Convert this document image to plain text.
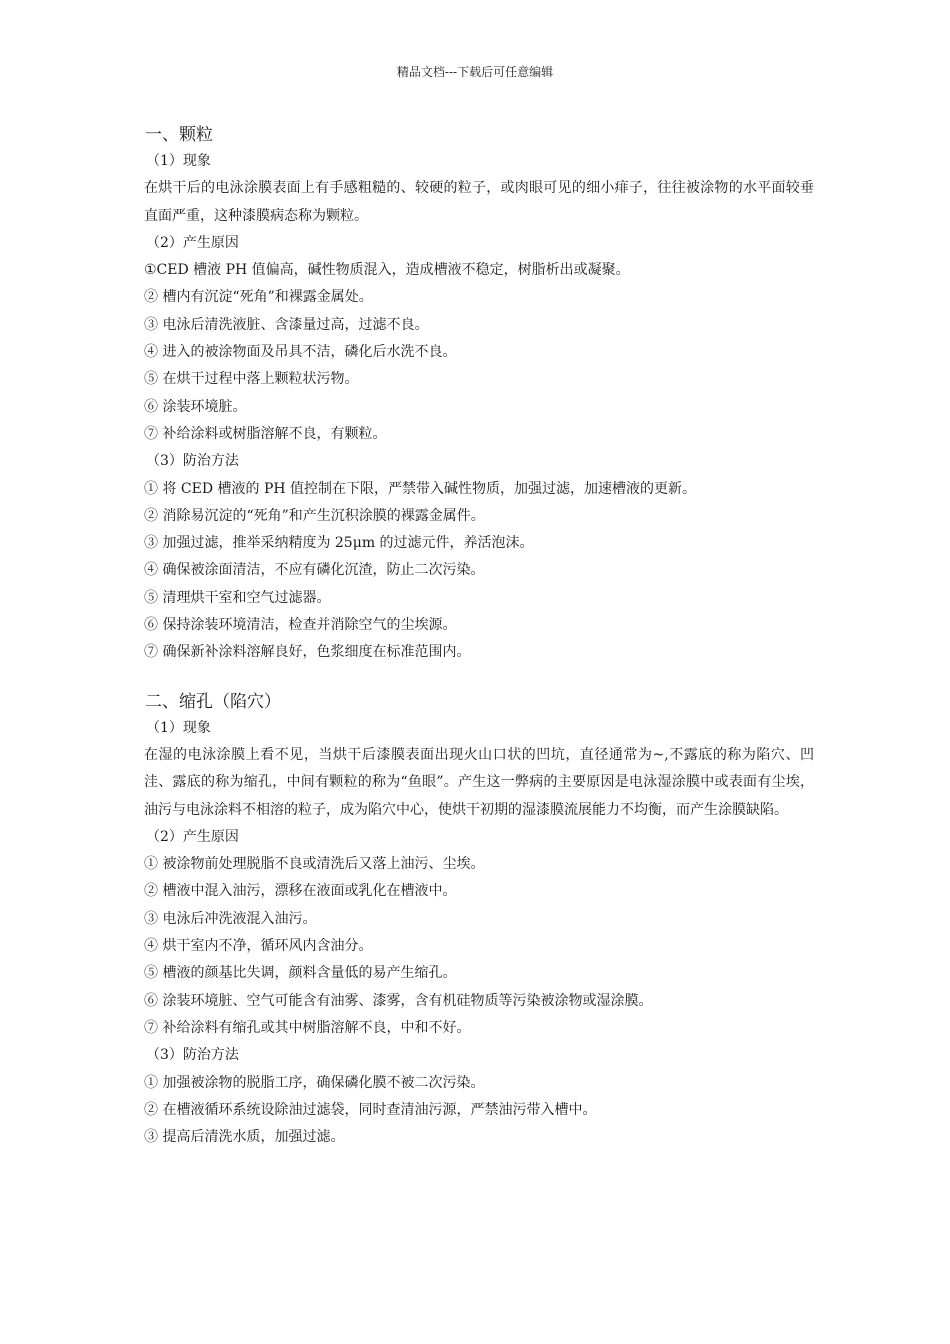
精品文档---下载后可任意编辑
一、颗粒
（1）现象
在烘干后的电泳涂膜表面上有手感粗糙的、较硬的粒子，或肉眼可见的细小痱子，往往被涂物的水平面较垂直面严重，这种漆膜病态称为颗粒。
（2）产生原因
①CED 槽液 PH 值偏高，碱性物质混入，造成槽液不稳定，树脂析出或凝聚。
② 槽内有沉淀“死角”和裸露金属处。
③ 电泳后清洗液脏、含漆量过高，过滤不良。
④ 进入的被涂物面及吊具不洁，磷化后水洗不良。
⑤ 在烘干过程中落上颗粒状污物。
⑥ 涂装环境脏。
⑦ 补给涂料或树脂溶解不良，有颗粒。
（3）防治方法
① 将 CED 槽液的 PH 值控制在下限，严禁带入碱性物质，加强过滤，加速槽液的更新。
② 消除易沉淀的“死角”和产生沉积涂膜的裸露金属件。
③ 加强过滤，推举采纳精度为 25μm 的过滤元件，养活泡沫。
④ 确保被涂面清洁，不应有磷化沉渣，防止二次污染。
⑤ 清理烘干室和空气过滤器。
⑥ 保持涂装环境清洁，检查并消除空气的尘埃源。
⑦ 确保新补涂料溶解良好，色浆细度在标准范围内。
二、缩孔（陷穴）
（1）现象
在湿的电泳涂膜上看不见，当烘干后漆膜表面出现火山口状的凹坑，直径通常为~,不露底的称为陷穴、凹洼、露底的称为缩孔，中间有颗粒的称为“鱼眼”。产生这一弊病的主要原因是电泳湿涂膜中或表面有尘埃，油污与电泳涂料不相溶的粒子，成为陷穴中心，使烘干初期的湿漆膜流展能力不均衡，而产生涂膜缺陷。
（2）产生原因
① 被涂物前处理脱脂不良或清洗后又落上油污、尘埃。
② 槽液中混入油污，漂移在液面或乳化在槽液中。
③ 电泳后冲洗液混入油污。
④ 烘干室内不净，循环风内含油分。
⑤ 槽液的颜基比失调，颜料含量低的易产生缩孔。
⑥ 涂装环境脏、空气可能含有油雾、漆雾，含有机硅物质等污染被涂物或湿涂膜。
⑦ 补给涂料有缩孔或其中树脂溶解不良，中和不好。
（3）防治方法
① 加强被涂物的脱脂工序，确保磷化膜不被二次污染。
② 在槽液循环系统设除油过滤袋，同时查清油污源，严禁油污带入槽中。
③ 提高后清洗水质，加强过滤。
